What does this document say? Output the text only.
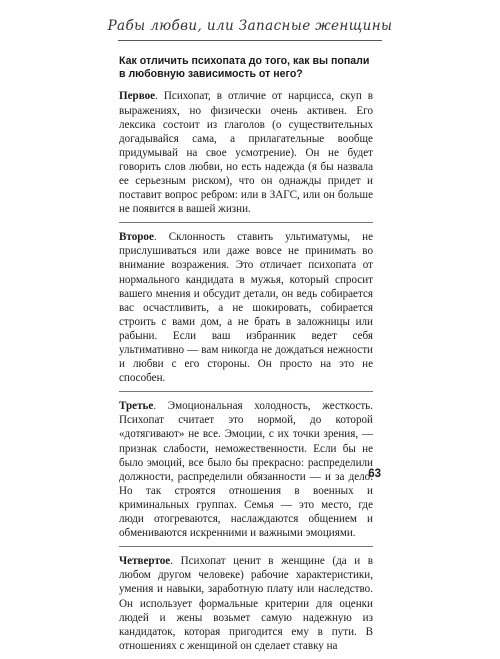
Рабы любви, или Запасные женщины
Как отличить психопата до того, как вы попали в любовную зависимость от него?
Первое. Психопат, в отличие от нарцисса, скуп в выражениях, но физически очень активен. Его лексика состоит из глаголов (о существительных догадывайся сама, а прилагательные вообще придумывай на свое усмотрение). Он не будет говорить слов любви, но есть надежда (я бы назвала ее серьезным риском), что он однажды придет и поставит вопрос ребром: или в ЗАГС, или он больше не появится в вашей жизни.
Второе. Склонность ставить ультиматумы, не прислушиваться или даже вовсе не принимать во внимание возражения. Это отличает психопата от нормального кандидата в мужья, который спросит вашего мнения и обсудит детали, он ведь собирается вас осчастливить, а не шокировать, собирается строить с вами дом, а не брать в заложницы или рабыни. Если ваш избранник ведет себя ультимативно — вам никогда не дождаться нежности и любви с его стороны. Он просто на это не способен.
Третье. Эмоциональная холодность, жесткость. Психопат считает это нормой, до которой «дотягивают» не все. Эмоции, с их точки зрения, — признак слабости, неможественности. Если бы не было эмоций, все было бы прекрасно: распределили должности, распределили обязанности — и за дело. Но так строятся отношения в военных и криминальных группах. Семья — это место, где люди отогреваются, наслаждаются общением и обмениваются искренними и важными эмоциями.
Четвертое. Психопат ценит в женщине (да и в любом другом человеке) рабочие характеристики, умения и навыки, заработную плату или наследство. Он использует формальные критерии для оценки людей и жены возьмет самую надежную из кандидаток, которая пригодится ему в пути. В отношениях с женщиной он сделает ставку на
63
